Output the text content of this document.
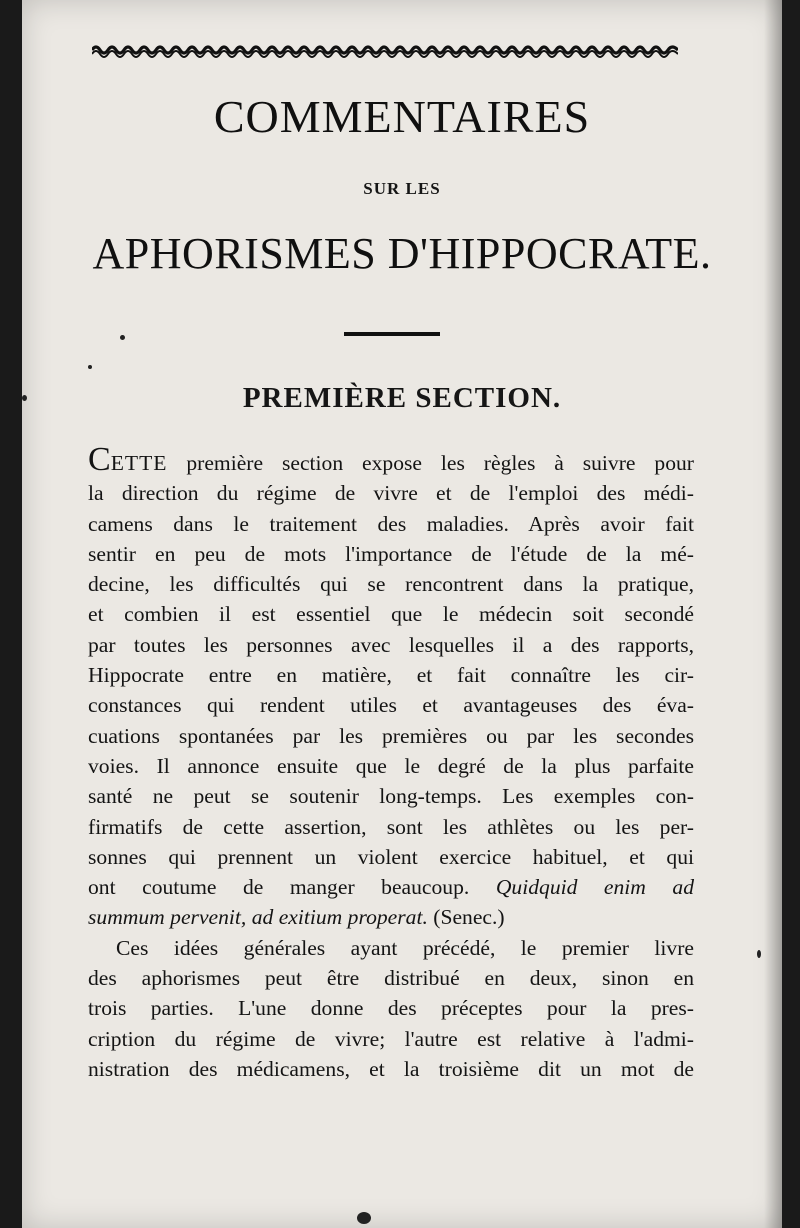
COMMENTAIRES
SUR LES
APHORISMES D'HIPPOCRATE.
PREMIÈRE SECTION.
CETTE première section expose les règles à suivre pour
la direction du régime de vivre et de l'emploi des médi-
camens dans le traitement des maladies. Après avoir fait
sentir en peu de mots l'importance de l'étude de la mé-
decine, les difficultés qui se rencontrent dans la pratique,
et combien il est essentiel que le médecin soit secondé
par toutes les personnes avec lesquelles il a des rapports,
Hippocrate entre en matière, et fait connaître les cir-
constances qui rendent utiles et avantageuses des éva-
cuations spontanées par les premières ou par les secondes
voies. Il annonce ensuite que le degré de la plus parfaite
santé ne peut se soutenir long-temps. Les exemples con-
firmatifs de cette assertion, sont les athlètes ou les per-
sonnes qui prennent un violent exercice habituel, et qui
ont coutume de manger beaucoup. Quidquid enim ad
summum pervenit, ad exitium properat. (Senec.)
Ces idées générales ayant précédé, le premier livre
des aphorismes peut être distribué en deux, sinon en
trois parties. L'une donne des préceptes pour la pres-
cription du régime de vivre; l'autre est relative à l'admi-
nistration des médicamens, et la troisième dit un mot de
